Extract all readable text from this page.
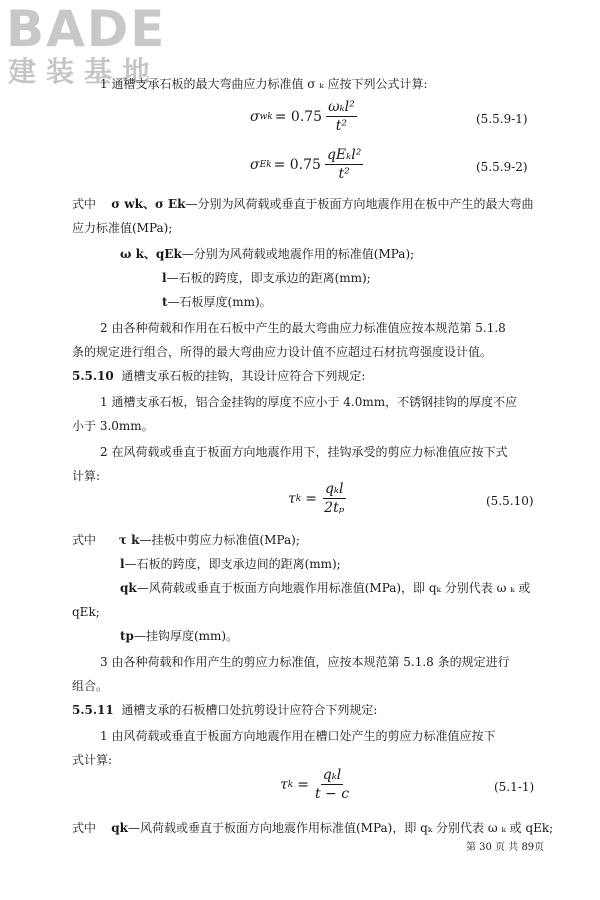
BADE
建装基地
1 通槽支承石板的最大弯曲应力标准值 σ ₖ 应按下列公式计算:
σ wk = $0.75 \frac{\text{ωₖl²}}{\text{t²}}$	(5.5.9-1)
σ $Ek = 0.75 \frac{\text{qEₖl²}}{\text{t²}}$	(5.5.9-2)
式中 σ wk、σ Ek—分别为风荷载或垂直于板面方向地震作用在板中产生的最大弯曲
应力标准值(MPa);
ω k、qEk—分别为风荷载或地震作用的标准值(MPa);
l—石板的跨度，即支承边的距离(mm);
t—石板厚度(mm)。
2 由各种荷载和作用在石板中产生的最大弯曲应力标准值应按本规范第 5.1.8
条的规定进行组合，所得的最大弯曲应力设计值不应超过石材抗弯强度设计值。
5.5.10 通槽支承石板的挂钩，其设计应符合下列规定:
1 通槽支承石板，铝合金挂钩的厚度不应小于 4.0mm，不锈钢挂钩的厚度不应
小于 3.0mm。
2 在风荷载或垂直于板面方向地震作用下，挂钩承受的剪应力标准值应按下式
计算:
τ $k = \frac{\text{qₖl}}{\text{2tₚ}}$	(5.5.10)
式中 τ k—挂板中剪应力标准值(MPa);
l—石板的跨度，即支承边间的距离(mm);
qk—风荷载或垂直于板面方向地震作用标准值(MPa)，即 qₖ 分别代表 ω ₖ 或
qEk;
tp—挂钩厚度(mm)。
3 由各种荷载和作用产生的剪应力标准值，应按本规范第 5.1.8 条的规定进行
组合。
5.5.11 通槽支承的石板槽口处抗剪设计应符合下列规定:
1 由风荷载或垂直于板面方向地震作用在槽口处产生的剪应力标准值应按下
式计算:
τ $k = \frac{\text{qₖl}}{t - c}$	(5.1-1)
式中 qk—风荷载或垂直于板面方向地震作用标准值(MPa)，即 qₖ 分别代表 ω ₖ 或 qEk;
第 30 页 共 89页
